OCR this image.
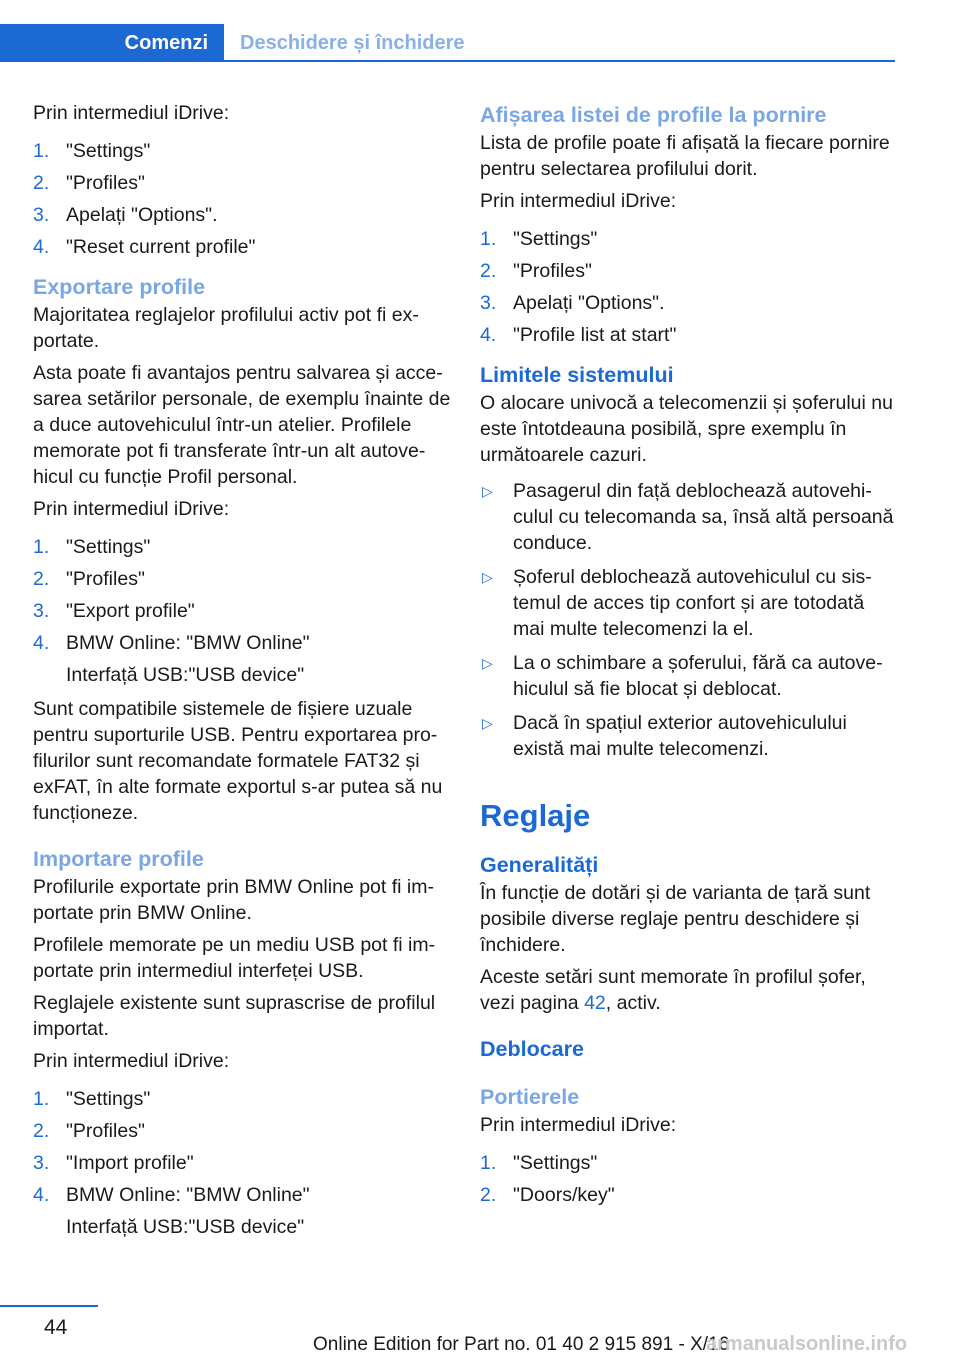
Comenzi	Deschidere și închidere

Prin intermediul iDrive:

1. "Settings"
2. "Profiles"
3. Apelați "Options".
4. "Reset current profile"
Exportare profile

Majoritatea reglajelor profilului activ pot fi ex‐portate.

Asta poate fi avantajos pentru salvarea și acce‐sarea setărilor personale, de exemplu înainte de a duce autovehiculul într-un atelier. Profilele memorate pot fi transferate într-un alt autove‐hicul cu funcție Profil personal.

Prin intermediul iDrive:

1. "Settings"
2. "Profiles"
3. "Export profile"
4. BMW Online: "BMW Online"
Interfață USB:"USB device"

Sunt compatibile sistemele de fișiere uzuale pentru suporturile USB. Pentru exportarea pro‐filurilor sunt recomandate formatele FAT32 și exFAT, în alte formate exportul s-ar putea să nu funcționeze.

Importare profile

Profilurile exportate prin BMW Online pot fi im‐portate prin BMW Online.

Profilele memorate pe un mediu USB pot fi im‐portate prin intermediul interfeței USB.

Reglajele existente sunt suprascrise de profilul importat.

Prin intermediul iDrive:

1. "Settings"
2. "Profiles"
3. "Import profile"
4. BMW Online: "BMW Online"
Interfață USB:"USB device"
Afișarea listei de profile la pornire

Lista de profile poate fi afișată la fiecare pornire pentru selectarea profilului dorit.

Prin intermediul iDrive:

1. "Settings"
2. "Profiles"
3. Apelați "Options".
4. "Profile list at start"
Limitele sistemului

O alocare univocă a telecomenzii și șoferului nu este întotdeauna posibilă, spre exemplu în următoarele cazuri.

▷ Pasagerul din față deblochează autovehi‐culul cu telecomanda sa, însă altă persoană conduce.
▷ Șoferul deblochează autovehiculul cu sis‐temul de acces tip confort și are totodată mai multe telecomenzi la el.
▷ La o schimbare a șoferului, fără ca autove‐hiculul să fie blocat și deblocat.
▷ Dacă în spațiul exterior autovehiculului există mai multe telecomenzi.
Reglaje
Generalități

În funcție de dotări și de varianta de țară sunt posibile diverse reglaje pentru deschidere și închidere.

Aceste setări sunt memorate în profilul șofer, vezi pagina 42, activ.

Deblocare
Portierele

Prin intermediul iDrive:

1. "Settings"
2. "Doors/key"
44
Online Edition for Part no. 01 40 2 915 891 - X/16
armanualsonline.info
